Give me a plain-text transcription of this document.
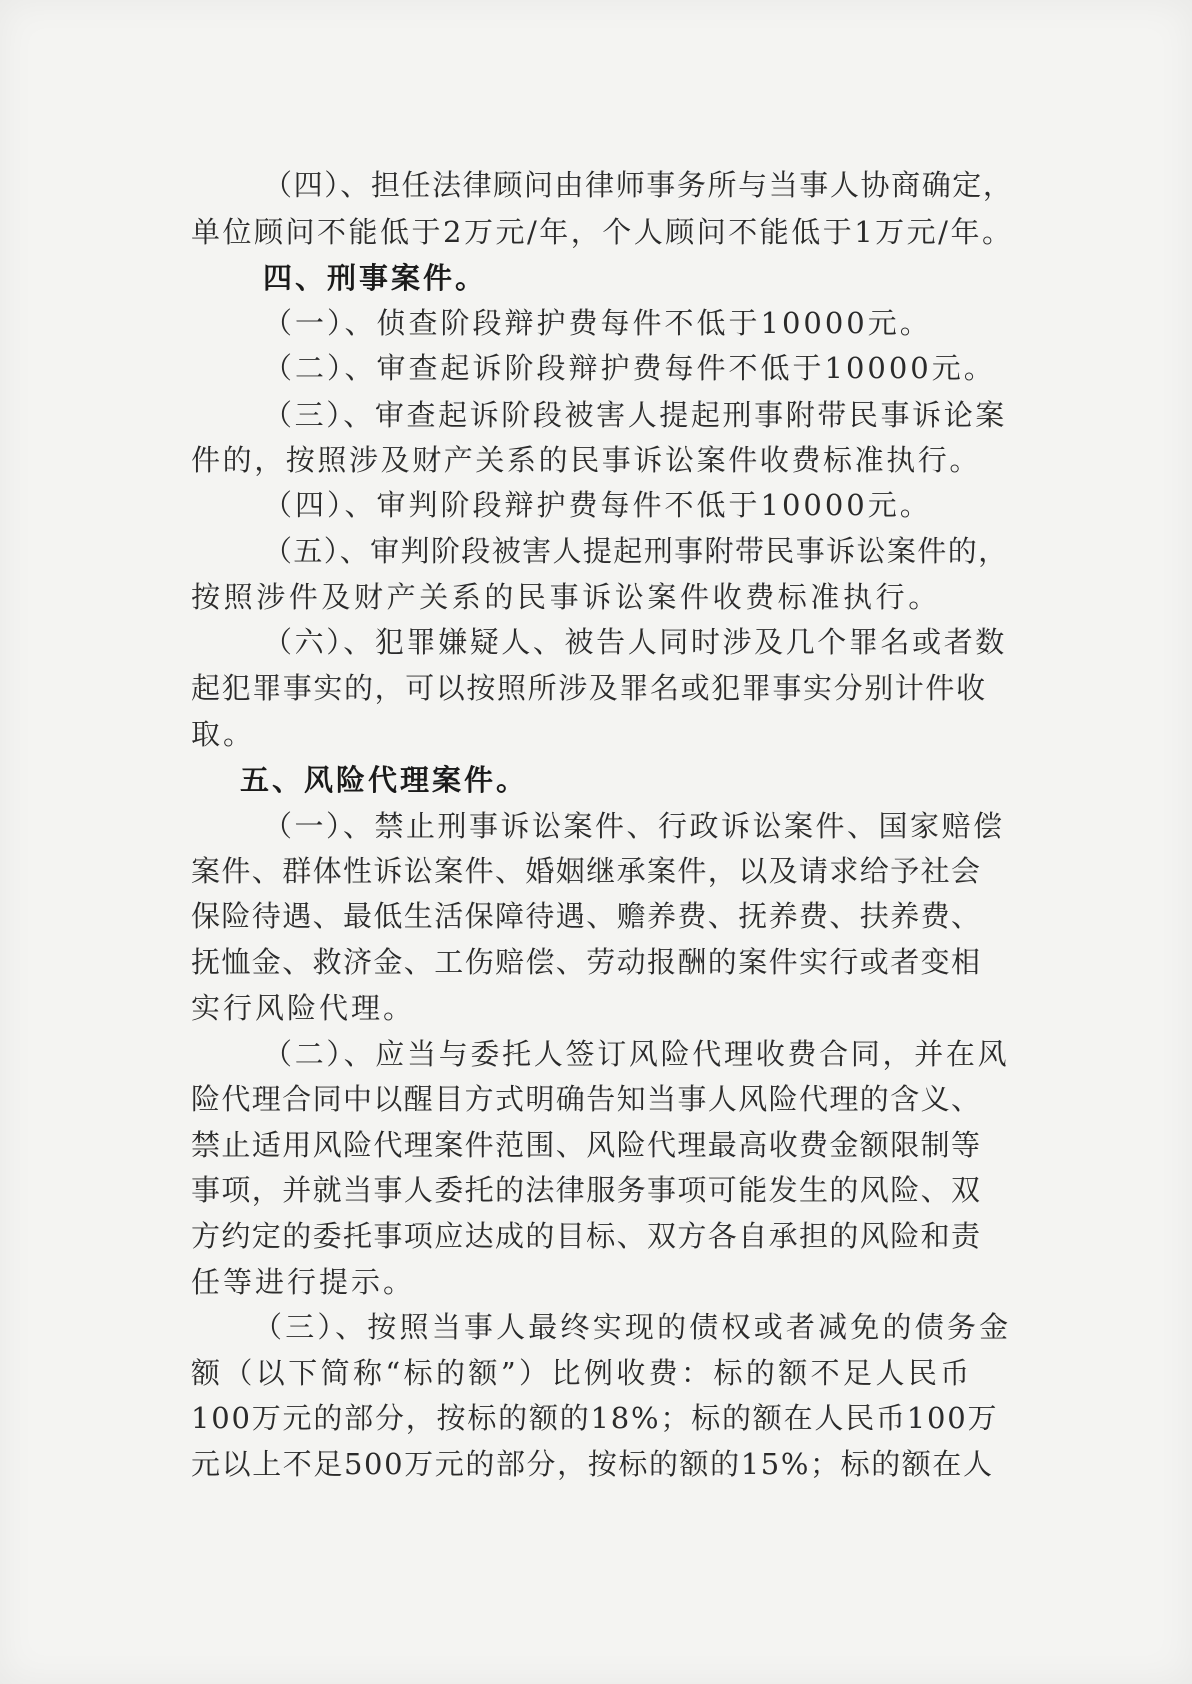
（四）、担任法律顾问由律师事务所与当事人协商确定，
单位顾问不能低于2万元/年，个人顾问不能低于1万元/年。
四、刑事案件。
（一）、侦查阶段辩护费每件不低于10000元。
（二）、审查起诉阶段辩护费每件不低于10000元。
（三）、审查起诉阶段被害人提起刑事附带民事诉论案
件的，按照涉及财产关系的民事诉讼案件收费标准执行。
（四）、审判阶段辩护费每件不低于10000元。
（五）、审判阶段被害人提起刑事附带民事诉讼案件的，
按照涉件及财产关系的民事诉讼案件收费标准执行。
（六）、犯罪嫌疑人、被告人同时涉及几个罪名或者数
起犯罪事实的，可以按照所涉及罪名或犯罪事实分别计件收
取。
五、风险代理案件。
（一）、禁止刑事诉讼案件、行政诉讼案件、国家赔偿
案件、群体性诉讼案件、婚姻继承案件，以及请求给予社会
保险待遇、最低生活保障待遇、赡养费、抚养费、扶养费、
抚恤金、救济金、工伤赔偿、劳动报酬的案件实行或者变相
实行风险代理。
（二）、应当与委托人签订风险代理收费合同，并在风
险代理合同中以醒目方式明确告知当事人风险代理的含义、
禁止适用风险代理案件范围、风险代理最高收费金额限制等
事项，并就当事人委托的法律服务事项可能发生的风险、双
方约定的委托事项应达成的目标、双方各自承担的风险和责
任等进行提示。
（三）、按照当事人最终实现的债权或者减免的债务金
额（以下简称“标的额”）比例收费：标的额不足人民币
100万元的部分，按标的额的18%；标的额在人民币100万
元以上不足500万元的部分，按标的额的15%；标的额在人
